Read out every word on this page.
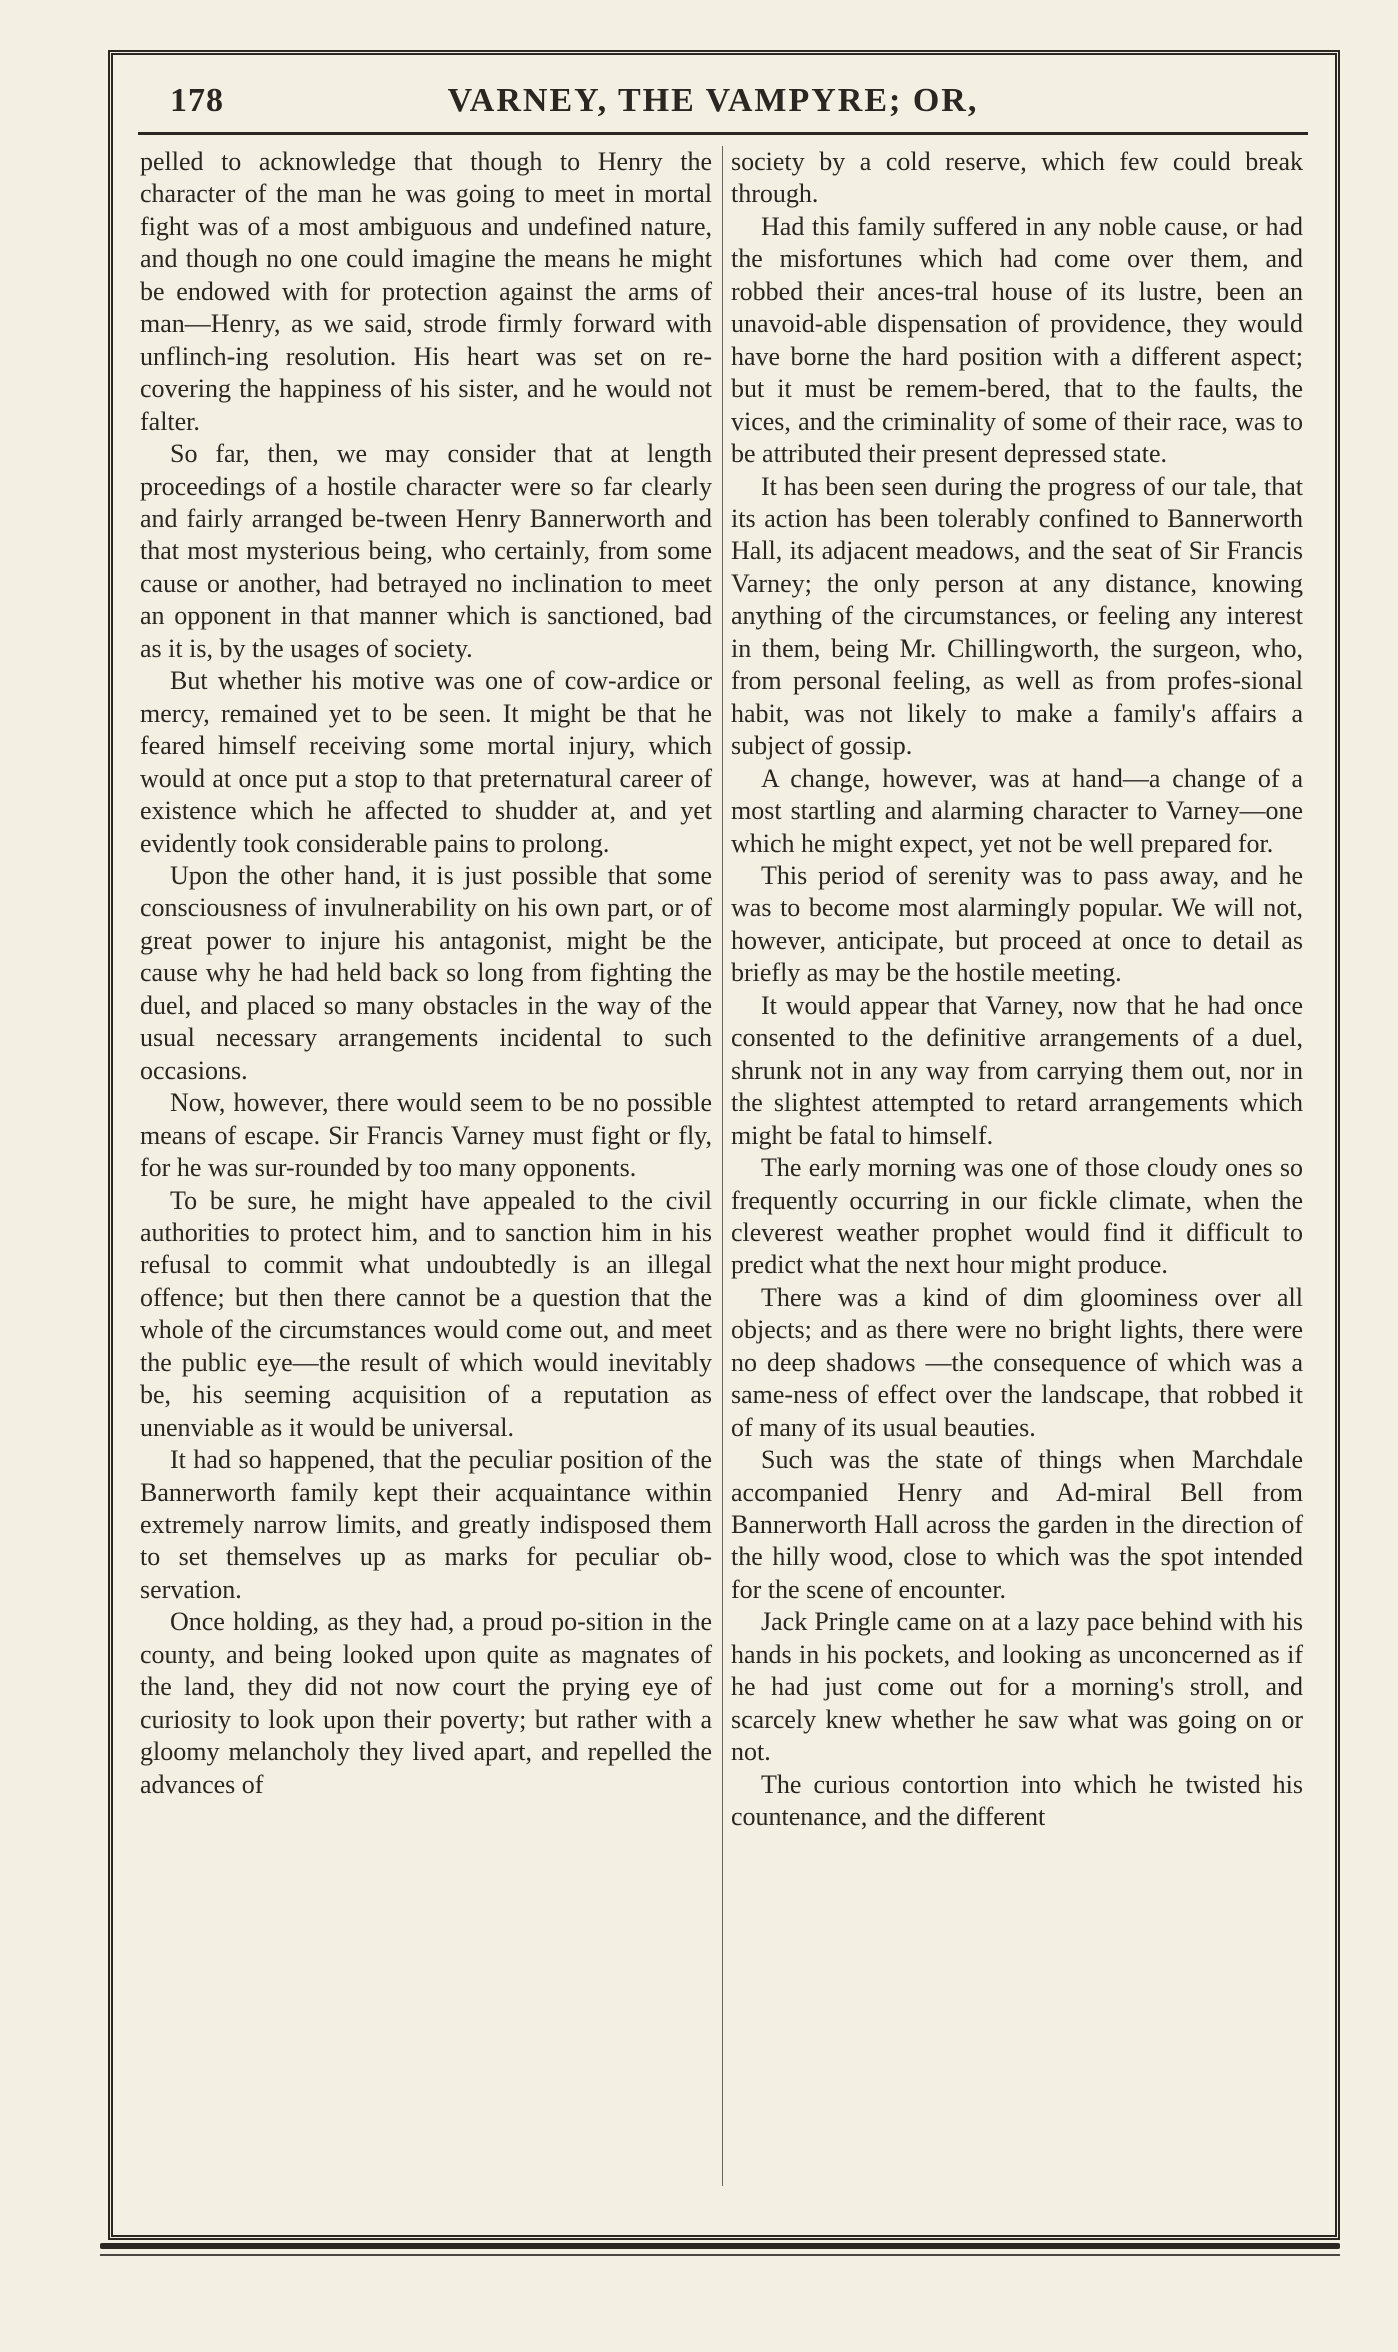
178	VARNEY, THE VAMPYRE; OR,

pelled to acknowledge that though to Henry the character of the man he was going to meet in mortal fight was of a most ambiguous and undefined nature, and though no one could imagine the means he might be endowed with for protection against the arms of man—Henry, as we said, strode firmly forward with unflinch-ing resolution. His heart was set on re-covering the happiness of his sister, and he would not falter.

So far, then, we may consider that at length proceedings of a hostile character were so far clearly and fairly arranged be-tween Henry Bannerworth and that most mysterious being, who certainly, from some cause or another, had betrayed no inclination to meet an opponent in that manner which is sanctioned, bad as it is, by the usages of society.

But whether his motive was one of cow-ardice or mercy, remained yet to be seen. It might be that he feared himself receiving some mortal injury, which would at once put a stop to that preternatural career of existence which he affected to shudder at, and yet evidently took considerable pains to prolong.

Upon the other hand, it is just possible that some consciousness of invulnerability on his own part, or of great power to injure his antagonist, might be the cause why he had held back so long from fighting the duel, and placed so many obstacles in the way of the usual necessary arrangements incidental to such occasions.

Now, however, there would seem to be no possible means of escape. Sir Francis Varney must fight or fly, for he was sur-rounded by too many opponents.

To be sure, he might have appealed to the civil authorities to protect him, and to sanction him in his refusal to commit what undoubtedly is an illegal offence; but then there cannot be a question that the whole of the circumstances would come out, and meet the public eye—the result of which would inevitably be, his seeming acquisition of a reputation as unenviable as it would be universal.

It had so happened, that the peculiar position of the Bannerworth family kept their acquaintance within extremely narrow limits, and greatly indisposed them to set themselves up as marks for peculiar ob-servation.

Once holding, as they had, a proud po-sition in the county, and being looked upon quite as magnates of the land, they did not now court the prying eye of curiosity to look upon their poverty; but rather with a gloomy melancholy they lived apart, and repelled the advances of

society by a cold reserve, which few could break through.

Had this family suffered in any noble cause, or had the misfortunes which had come over them, and robbed their ances-tral house of its lustre, been an unavoid-able dispensation of providence, they would have borne the hard position with a different aspect; but it must be remem-bered, that to the faults, the vices, and the criminality of some of their race, was to be attributed their present depressed state.

It has been seen during the progress of our tale, that its action has been tolerably confined to Bannerworth Hall, its adjacent meadows, and the seat of Sir Francis Varney; the only person at any distance, knowing anything of the circumstances, or feeling any interest in them, being Mr. Chillingworth, the surgeon, who, from personal feeling, as well as from profes-sional habit, was not likely to make a family's affairs a subject of gossip.

A change, however, was at hand—a change of a most startling and alarming character to Varney—one which he might expect, yet not be well prepared for.

This period of serenity was to pass away, and he was to become most alarmingly popular. We will not, however, anticipate, but proceed at once to detail as briefly as may be the hostile meeting.

It would appear that Varney, now that he had once consented to the definitive arrangements of a duel, shrunk not in any way from carrying them out, nor in the slightest attempted to retard arrangements which might be fatal to himself.

The early morning was one of those cloudy ones so frequently occurring in our fickle climate, when the cleverest weather prophet would find it difficult to predict what the next hour might produce.

There was a kind of dim gloominess over all objects; and as there were no bright lights, there were no deep shadows —the consequence of which was a same-ness of effect over the landscape, that robbed it of many of its usual beauties.

Such was the state of things when Marchdale accompanied Henry and Ad-miral Bell from Bannerworth Hall across the garden in the direction of the hilly wood, close to which was the spot intended for the scene of encounter.

Jack Pringle came on at a lazy pace behind with his hands in his pockets, and looking as unconcerned as if he had just come out for a morning's stroll, and scarcely knew whether he saw what was going on or not.

The curious contortion into which he twisted his countenance, and the different
